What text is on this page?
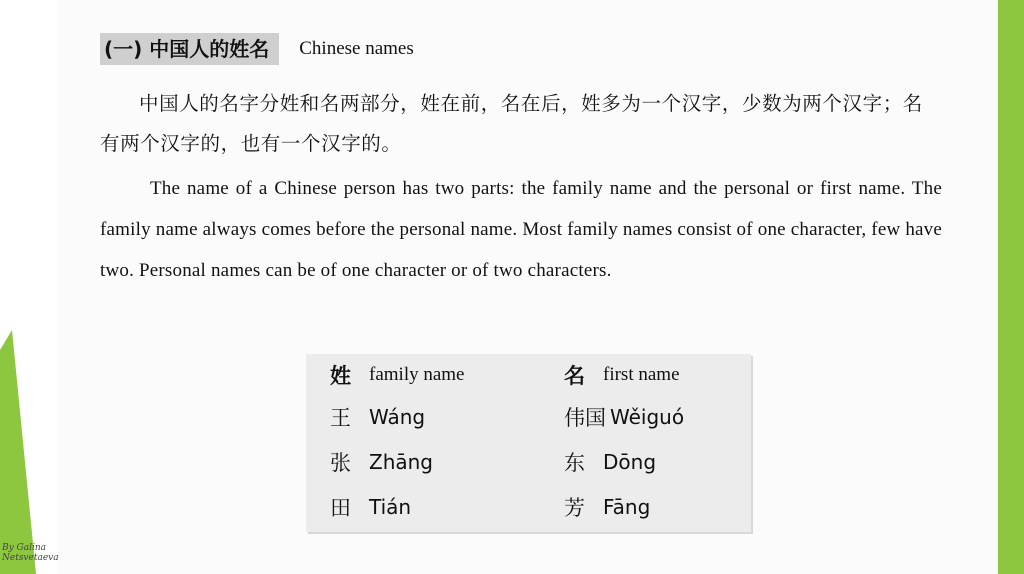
(一) 中国人的姓名	Chinese names

中国人的名字分姓和名两部分，姓在前，名在后，姓多为一个汉字，少数为两个汉字；名有两个汉字的，也有一个汉字的。

The name of a Chinese person has two parts: the family name and the personal or first name. The family name always comes before the personal name. Most family names consist of one character, few have two. Personal names can be of one character or of two characters.

姓 family name	名 first name
王 Wáng	伟国 Wěiguó
张 Zhāng	东 Dōng
田 Tián	芳 Fāng
By Galina
Netsvetaeva
